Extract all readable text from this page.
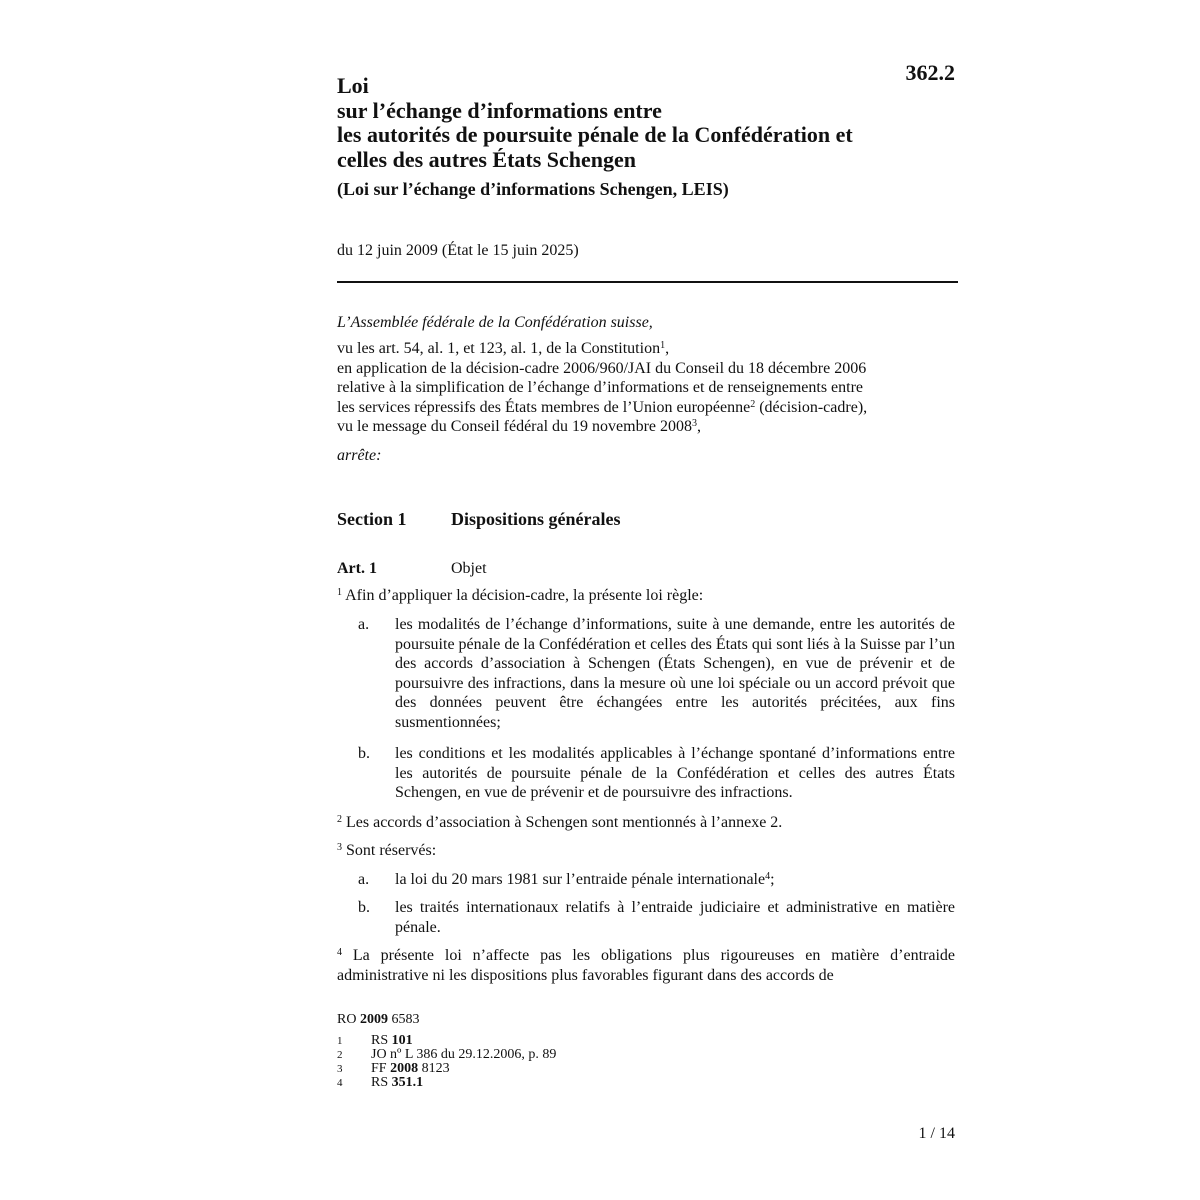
362.2
Loi
sur l’échange d’informations entre
les autorités de poursuite pénale de la Confédération et
celles des autres États Schengen
(Loi sur l’échange d’informations Schengen, LEIS)
du 12 juin 2009 (État le 15 juin 2025)
L’Assemblée fédérale de la Confédération suisse,
vu les art. 54, al. 1, et 123, al. 1, de la Constitution$^1$,
en application de la décision-cadre 2006/960/JAI du Conseil du 18 décembre 2006
relative à la simplification de l’échange d’informations et de renseignements entre
les services répressifs des États membres de l’Union européenne$^2$ (décision-cadre),
vu le message du Conseil fédéral du 19 novembre 2008$^3$,
arrête:
Section 1 Dispositions générales
Art. 1	Objet
$^1$ Afin d’appliquer la décision-cadre, la présente loi règle:
a.	les modalités de l’échange d’informations, suite à une demande, entre les autorités de poursuite pénale de la Confédération et celles des États qui sont liés à la Suisse par l’un des accords d’association à Schengen (États Schengen), en vue de prévenir et de poursuivre des infractions, dans la mesure où une loi spéciale ou un accord prévoit que des données peuvent être échangées entre les autorités précitées, aux fins susmentionnées;
b.	les conditions et les modalités applicables à l’échange spontané d’informations entre les autorités de poursuite pénale de la Confédération et celles des autres États Schengen, en vue de prévenir et de poursuivre des infractions.
$^2$ Les accords d’association à Schengen sont mentionnés à l’annexe 2.
$^3$ Sont réservés:
a.	la loi du 20 mars 1981 sur l’entraide pénale internationale$^4$;
b.	les traités internationaux relatifs à l’entraide judiciaire et administrative en matière pénale.
$^4$ La présente loi n’affecte pas les obligations plus rigoureuses en matière d’entraide administrative ni les dispositions plus favorables figurant dans des accords de
RO 2009 6583
1	RS 101
2	JO nº L 386 du 29.12.2006, p. 89
3	FF 2008 8123
4	RS 351.1
1 / 14
